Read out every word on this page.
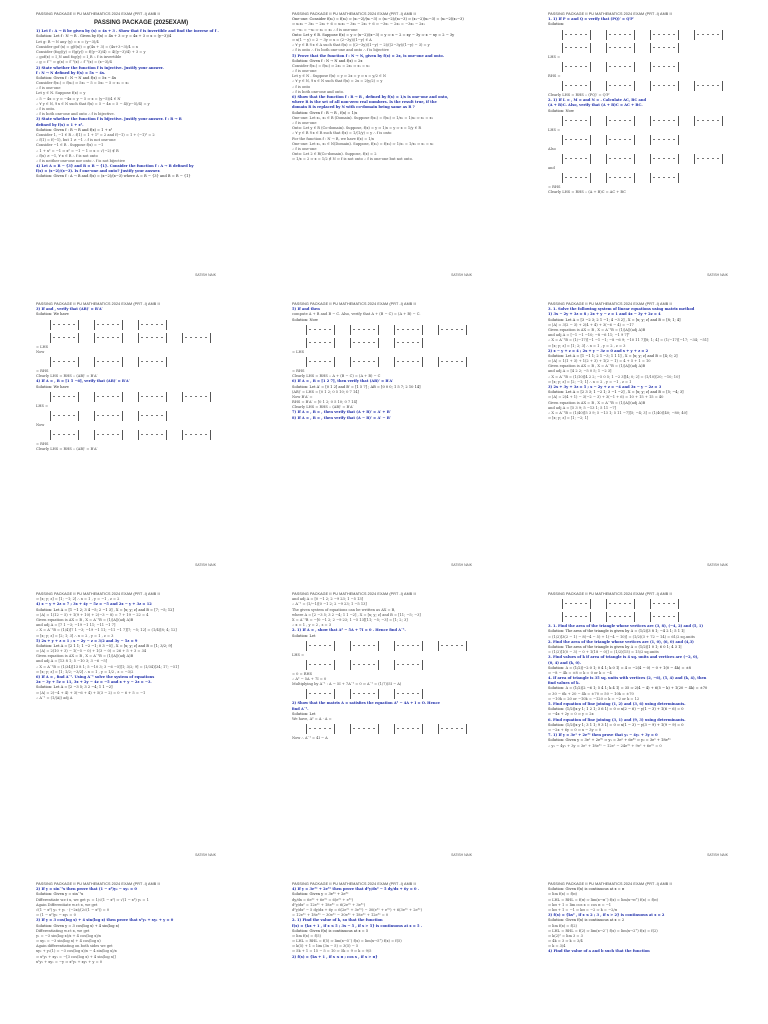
PASSING PACKAGE II PU MATHEMATICS 2024 EXAM (PRT -I) AMB II
PASSING PACKAGE (2025EXAM)
1) Let f : A → B be given by (x) = 4x + 3 . Show that f is invertible and find the inverse of f .
Solution: Let f : N → R . Given by f(x) = 4x + 3 ⇒ y = 4x + 3 ⇒ x = (y−3)/4
Let g: R → N any (y) = x = (y−3)/4
Consider gof (x) = g(f(x)) = g(4x + 3) = (4x+3−3)/4 = x
Consider (fog)(y) = f(g(y)) = f((y−3)/4) = 4((y−3)/4) + 3 = y
∴ gof(x) = I_N and fog(y) = I_R ∴ f is invertible
∴ g = f⁻¹ ⇒ g(x) = f⁻¹(x) ∴ f⁻¹(x) = (x−3)/4
2) State whether the function f is injective. Justify your answer.
f : N → N defined by f(x) = 5x − 4x.
Solution: Given f : N → N and f(x) = 5x − 4x
Consider f(x₁) = f(x₂) ⇒ 5x₁ − 5 = 5x₂ − 5 ⇒ x₁ = x₂
∴ f is one-one
Let y ∈ N. Suppose f(x) = y
∴ 5 − 4x = y ⇒ −4x = y − 5 ⇒ x = (y−5)/4 ∈ N
∴ ∀ y ∈ N, ∃ x ∈ N such that f(x) = 5 − 4x = 5 − 4((y−5)/4) = y
∴ f is onto.
∴ f is both one-one and onto ∴ f is bijective.
3) State whether the function f is bijective. Justify your answer. f : R → R
defined by f(x) = 1 + x².
Solution: Given f : R → R and f(x) = 1 + x²
Consider 1, −1 ∈ R ∴ f(1) = 1 + 1² = 2 and f(−1) = 1 + (−1)² = 2
∴ f(1) = f(−1), but 1 ≠ −1 ∴ f is not one-one
Consider −1 ∈ R . Suppose f(x) = −1
∴ 1 + x² = −1 ⇒ x² = −1 − 1 ⇒ x = √(−2) ∉ R
∴ f(x) ≠ −1, ∀ x ∈ R ∴ f is not onto
∴ f is neither one-one nor onto ∴ f is not bijective
4) Let A = R − {3} and B = R − {1}. Consider the function f : A → B defined by
f(x) = (x−2)/(x−3). Is f one-one and onto? Justify your answer.
Solution: Given f : A → B and f(x) = (x−2)/(x−3) where A = R − {3} and B = R − {1}
SATISH NAIK
PASSING PACKAGE II PU MATHEMATICS 2024 EXAM (PRT -I) AMB II
One-one: Consider f(x₁) = f(x₂) ⇒ (x₁−2)/(x₁−3) = (x₂−2)/(x₂−3) ⇒ (x₁−2)(x₂−3) = (x₂−2)(x₁−3)
⇒ x₁x₂ − 3x₁ − 2x₂ + 6 = x₁x₂ − 3x₂ − 2x₁ + 6 ⇒ −3x₁ − 2x₂ = −3x₂ − 2x₁
⇒ −x₁ = −x₂ ⇒ x₁ = x₂ ∴ f is one-one
Onto: Let y ∈ B. Suppose f(x) = y ⇒ (x−2)/(x−3) = y ⇒ x − 2 = xy − 3y ⇒ x − xy = 2 − 3y
⇒ x(1 − y) = 2 − 3y ⇒ x = (2−3y)/(1−y) ∈ A
∴ ∀ y ∈ B ∃ x ∈ A such that f(x) = ((2−3y)/(1−y) − 2)/((2−3y)/(1−y) − 3) = y
∴ f is onto ∴ f is both one-one and onto ∴ f is bijective
5) Prove that the function f : N → N, given by f(x) = 2x, is one-one and onto.
Solution: Given f : N → N and f(x) = 2x
Consider f(x₁) = f(x₂) ⇒ 2x₁ = 2x₂ ⇒ x₁ = x₂
∴ f is one-one
Let y ∈ N . Suppose f(x) = y ⇒ 2x = y ⇒ x = y/2 ∈ N
∴ ∀ y ∈ N, ∃ x ∈ N such that f(x) = 2x = 2(y/2) = y
∴ f is onto
∴ f is both one-one and onto.
6) Show that the function f : R → R , defined by f(x) = 1/x is one-one and onto,
where R is the set of all non-zero real numbers. Is the result true, if the
domain R is replaced by N with co-domain being same as R ?
Solution: Given f : R → R , f(x) = 1/x
One-one: Let x₁, x₂ ∈ R (Domain). Suppose f(x₁) = f(x₂) ⇒ 1/x₁ = 1/x₂ ⇒ x₁ = x₂
∴ f is one-one
Onto: Let y ∈ R (Co-domain). Suppose, f(x) = y ⇒ 1/x = y ⇒ x = 1/y ∈ R
∴ ∀ y ∈ R ∃ x ∈ R such that f(x) = 1/(1/y) = y ∴ f is onto
For the function f : N → R, we have f(x) = 1/x
One-one: Let x₁, x₂ ∈ N(Domain). Suppose, f(x₁) = f(x₂) ⇒ 1/x₁ = 1/x₂ ⇒ x₁ = x₂
∴ f is one-one
Onto: Let 2 ∈ R(Co-domain). Suppose, f(x) = 2
⇒ 1/x = 2 ⇒ x = 1/2 ∉ N ⇒ f is not onto ∴ f is one-one but not onto.
SATISH NAIK
PASSING PACKAGE II PU MATHEMATICS 2024 EXAM (PRT -I) AMB II
1. 1) If P = and Q = verify that (PQ)′ = Q′P′
Solution:
LHS =
RHS =
Clearly LHS = RHS ∴ (PQ)′ = Q′P′
2. 1) If L = , M = and N = . Calculate AC, BC and
(A + B)C. Also, verify that (A + B)C = AC + BC.
Solution: Now
LHS =
Also
and
= RHS
Clearly LHS = RHS ∴ (A + B)C = AC + BC
SATISH NAIK
PASSING PACKAGE II PU MATHEMATICS 2024 EXAM (PRT -I) AMB II
3) If and , verify that (AB)′ = B′A′
Solution: We have
= LHS
Now
= RHS
Clearly LHS = RHS ∴ (AB)′ = B′A′
4) If A = , B = [1 5 −6], verify that (AB)′ = B′A′
Solution: We have
LHS =
Now
= RHS
Clearly LHS = RHS ∴ (AB)′ = B′A′
SATISH NAIK
PASSING PACKAGE II PU MATHEMATICS 2024 EXAM (PRT -I) AMB II
5) If and then
compute A + B and B − C. Also, verify that A + (B − C) = (A + B) − C.
Solution: Now
= LHS
= RHS
Clearly LHS = RHS ∴ A + (B − C) = (A + B) − C
6) If A = , B = [1 2 7], then verify that (AB)′ = B′A′
Solution: Let A′ = [0 1 2] and B′ = [1 5 7] ; AB = [0 0 0; 1 5 7; 2 10 14]
(AB)′ = LHS = [0 1 2; 0 5 10; 0 7 14]
Now B′A′ =
RHS = B′A′ = [0 1 2; 0 5 10; 0 7 14]
Clearly LHS = RHS ∴ (AB)′ = B′A′
7) If A = , B = , then verify that (A + B)′ = A′ + B′
8) If A = , B = , then verify that (A − B)′ = A′ − B′
SATISH NAIK
PASSING PACKAGE II PU MATHEMATICS 2024 EXAM (PRT -I) AMB II
3. 1. Solve the following system of linear equations using matrix method
1) 3x − 2y + 3z = 8 ; 2x + y − z = 1 and 4x − 3y + 2z = 4
Solution: Let A = [3 −2 3; 2 1 −1; 4 −3 2] , X = [x; y; z] and B = [8; 1; 4]
⇒ |A| = 3(2 − 3) + 2(4 + 4) + 3(−6 − 4) = −17
Given equation is AX = B , X = A⁻¹B = (1/|A|)(adj A)B
and adj A = [−1 −1 −10; −8 −6 11; −1 9 7]ᵀ
∴ X = A⁻¹B = (1/−17)[−1 −1 −1; −8 −6 9; −10 11 7][8; 1; 4] = (1/−17)[−17; −34; −51]
⇒ [x; y; z] = [1; 2; 3] ∴ x = 1 , y = 2 , z = 3
2) x − y + z = 4 ; 2x + y − 3z = 0 and x + y + z = 2
Solution: Let A = [1 −1 1; 2 1 −3; 1 1 1] , X = [x; y; z] and B = [4; 0; 2]
⇒ |A| = 1(1 + 3) + 1(2 + 3) + 1(2 − 1) = 4 + 5 + 1 = 10
Given equation is AX = B , X = A⁻¹B = (1/|A|)(adj A)B
and adj A = [4 2 2; −5 0 5; 1 −2 3]
∴ X = A⁻¹B = (1/10)[4 2 2; −5 0 5; 1 −2 3][4; 0; 2] = (1/10)[20; −10; 10]
⇒ [x; y; z] = [2; −1; 1] ∴ x = 2 , y = −1 , z = 1
3) 2x + 3y + 3z = 5 ; x − 2y + z = −4 and 3x − y − 2z = 3
Solution: Let A = [2 3 3; 1 −2 1; 3 −1 −2] , X = [x; y; z] and B = [5; −4; 3]
⇒ |A| = 2(4 + 1) − 3(−2 − 3) + 3(−1 + 6) = 10 + 15 + 15 = 40
Given equation is AX = B , X = A⁻¹B = (1/|A|)(adj A)B
and adj A = [5 3 9; 5 −13 1; 5 11 −7]
∴ X = A⁻¹B = (1/40)[5 3 9; 5 −13 1; 5 11 −7][5; −4; 3] = (1/40)[40; −80; 40]
⇒ [x; y; z] = [1; −2; 1]
SATISH NAIK
PASSING PACKAGE II PU MATHEMATICS 2024 EXAM (PRT -I) AMB II
⇒ [x; y; z] = [1; −1; 2] ∴ x = 1 , y = −1 , z = 2
4) x − y + 2z = 7 ; 3x + 4y − 5z = −5 and 2x − y + 3z = 12
Solution: Let A = [1 −1 2; 3 4 −5; 2 −1 3] , X = [x; y; z] and B = [7; −5; 12]
⇒ |A| = 1(12 − 5) + 1(9 + 10) + 2(−3 − 8) = 7 + 19 − 22 = 4
Given equation is AX = B , X = A⁻¹B = (1/|A|)(adj A)B
and adj A = [7 1 −3; −19 −1 11; −11 −1 7]
∴ X = A⁻¹B = (1/4)[7 1 −3; −19 −1 11; −11 −1 7][7; −5; 12] = (1/4)[8; 4; 12]
⇒ [x; y; z] = [2; 1; 3] ∴ x = 2 , y = 1 , z = 3
5) 2x + y + z = 1 ; x − 2y − z = 3/2 and 3y − 5z = 9
Solution: Let A = [2 1 1; 1 −2 −1; 0 3 −5] , X = [x; y; z] and B = [1; 3/2; 9]
⇒ |A| = 2(10 + 3) − 1(−5 − 0) + 1(3 − 0) = 26 + 5 + 3 = 34
Given equation is AX = B , X = A⁻¹B = (1/|A|)(adj A)B
and adj A = [13 8 1; 5 −10 3; 3 −6 −5]
∴ X = A⁻¹B = (1/34)[13 8 1; 5 −10 3; 3 −6 −5][1; 3/2; 9] = (1/34)[34; 17; −51]
⇒ [x; y; z] = [1; 1/2; −3/2] ∴ x = 1 , y = 1/2 , z = −3/2
6) If A = , find A⁻¹. Using A⁻¹ solve the system of equations
2x − 3y + 5z = 11, 3x + 2y − 4z = −5 and x + y − 2z = −3.
Solution: Let A = [2 −3 5; 3 2 −4; 1 1 −2]
⇒ |A| = 2(−4 + 4) + 3(−6 + 4) + 5(3 − 2) = 0 − 6 + 5 = −1
∴ A⁻¹ = (1/|A|) adj A
SATISH NAIK
PASSING PACKAGE II PU MATHEMATICS 2024 EXAM (PRT -I) AMB II
and adj A = [0 −1 2; 2 −9 23; 1 −5 13]
∴ A⁻¹ = (1/−1)[0 −1 2; 2 −9 23; 1 −5 13]
The given system of equations can be written as AX = B,
where A = [2 −3 5; 3 2 −4; 1 1 −2] , X = [x; y; z] and B = [11; −5; −3]
X = A⁻¹B = −[0 −1 2; 2 −9 23; 1 −5 13][11; −5; −3] = [1; 2; 3]
∴ x = 1 , y = 2 , z = 3
2. 1) If A = , show that A² − 5A + 7I = 0 . Hence find A⁻¹.
Solution: Let
LHS =
= 0 = RHS
∴ A² − 5A + 7I = 0
Multiplying by A⁻¹ : A − 5I + 7A⁻¹ = 0 ⇒ A⁻¹ = (1/7)(5I − A)
2) Show that the matrix A = satisfies the equation A² − 4A + I = O. Hence
find A⁻¹.
Solution: Let
We have, A² = A · A =
Now ∴ A⁻¹ = 4I − A
SATISH NAIK
PASSING PACKAGE II PU MATHEMATICS 2024 EXAM (PRT -I) AMB II
3. 1. Find the area of the triangle whose vertices are (3, 8), (−4, 2) and (5, 1)
Solution: The area of the triangle is given by Δ = (1/2)|3 8 1; −4 2 1; 5 1 1|
= (1/2)[3(2 − 1) − 8(−4 − 5) + 1(−4 − 10)] = (1/2)(3 + 72 − 14) = 61/2 sq.units
2. Find the area of the triangle whose vertices are (1, 0), (6, 0) and (4,3)
Solution: The area of the triangle is given by Δ = (1/2)|1 0 1; 6 0 1; 4 3 1|
= (1/2)[1(0 − 3) − 0 + 1(18 − 0)] = (1/2)(15) = 15/2 sq.units
3. Find values of k if area of triangle is 4 sq. units and vertices are (−2, 0),
(0, 4) and (k, 0).
Solution: Δ = (1/2)|−2 0 1; 0 4 1; k 0 1| = 4 ⇒ −2(4 − 0) − 0 + 1(0 − 4k) = ±8
⇒ −8 − 4k = ±8 ⇒ k = 0 or k = −4
4. If area of triangle is 35 sq. units with vertices (2, −6), (5, 4) and (k, 4), then
find values of k.
Solution: Δ = (1/2)|2 −6 1; 5 4 1; k 4 1| = 35 ⇒ 2(4 − 4) + 6(5 − k) + 1(20 − 4k) = ±70
⇒ 30 − 6k + 20 − 4k = ±70 ⇒ 50 − 10k = ±70
⇒ −10k = 20 or −10k = −120 ⇒ k = −2 or k = 12
5. Find equation of line joining (1, 2) and (3, 6) using determinants.
Solution: (1/2)|x y 1; 1 2 1; 3 6 1| = 0 ⇒ x(2 − 6) − y(1 − 3) + 1(6 − 6) = 0
⇒ −4x + 2y = 0 ⇒ y = 2x
6. Find equation of line joining (3, 1) and (9, 3) using determinants.
Solution: (1/2)|x y 1; 3 1 1; 9 3 1| = 0 ⇒ x(1 − 3) − y(3 − 9) + 1(9 − 9) = 0
⇒ −2x + 6y = 0 ⇒ x − 3y = 0
7. 1) If y = 3eˣ + 2e³ˣ then prove that y₂ − 4y₁ + 3y = 0
Solution: Given y = 3eˣ + 2e³ˣ ⇒ y₁ = 3eˣ + 6e³ˣ ⇒ y₂ = 3eˣ + 18e³ˣ
∴ y₂ − 4y₁ + 3y = 3eˣ + 18e³ˣ − 12eˣ − 24e³ˣ + 9eˣ + 6e³ˣ = 0
SATISH NAIK
PASSING PACKAGE II PU MATHEMATICS 2024 EXAM (PRT -I) AMB II
2) If y = sin⁻¹x then prove that (1 − x²)y₂ − xy₁ = 0
Solution: Given y = sin⁻¹x
Differentiate w.r.t x, we get y₁ = 1/√(1 − x²) ⇒ √(1 − x²) y₁ = 1
Again Differentiate w.r.t x, we get
√(1 − x²) y₂ + y₁ · (−2x)/(2√(1 − x²)) = 0
⇒ (1 − x²)y₂ − xy₁ = 0
3) If y = 3 cos(log x) + 4 sin(log x) then prove that x²y₂ + xy₁ + y = 0
Solution: Given y = 3 cos(log x) + 4 sin(log x)
Differentiating w.r.t x, we get
y₁ = −3 sin(log x)/x + 4 cos(log x)/x
⇒ xy₁ = −3 sin(log x) + 4 cos(log x)
Again differentiating on both sides we get
xy₂ + y₁(1) = −3 cos(log x)/x − 4 sin(log x)/x
⇒ x²y₂ + xy₁ = −[3 cos(log x) + 4 sin(log x)]
x²y₂ + xy₁ = −y ⇒ x²y₂ + xy₁ + y = 0
PASSING PACKAGE II PU MATHEMATICS 2024 EXAM (PRT -I) AMB II
4) If y = 3e²ˣ + 2e³ˣ then prove that d²y/dx² − 5 dy/dx + 6y = 0 .
Solution: Given y = 3e²ˣ + 2e³ˣ
dy/dx = 6e²ˣ + 6e³ˣ = 6(e²ˣ + e³ˣ)
d²y/dx² = 12e²ˣ + 18e³ˣ = 6(2e²ˣ + 3e³ˣ)
d²y/dx² − 5 dy/dx + 6y = 6(2e²ˣ + 3e³ˣ) − 30(e²ˣ + e³ˣ) + 6(3e²ˣ + 2e³ˣ)
= 12e²ˣ + 18e³ˣ − 30e²ˣ − 30e³ˣ + 18e²ˣ + 12e³ˣ = 0
2. 1) Find the value of k, so that the function
f(x) = {kx + 1 , if x ≤ 5 ; 3x − 5 , if x > 5} is continuous at x = 5 .
Solution: Given f(x) is continuous at x = 5
⇒ lim f(x) = f(5)
⇒ LHL = RHL = f(5) ⇒ lim(x→5⁻) f(x) = lim(x→5⁺) f(x) = f(5)
⇒ k(5) + 1 = lim (3x − 5) = 3(5) − 5
⇒ 5k + 1 = 15 − 5 = 10 ⇒ 5k = 9 ⇒ k = 9/5
2) f(x) = {kx + 1 , if x ≤ π ; cos x , if x > π}
PASSING PACKAGE II PU MATHEMATICS 2024 EXAM (PRT -I) AMB II
Solution: Given f(x) is continuous at x = π
⇒ lim f(x) = f(π)
⇒ LHL = RHL = f(π) ⇒ lim(x→π⁻) f(x) = lim(x→π⁺) f(x) = f(π)
⇒ kπ + 1 = lim cos x = cos π = −1
⇒ kπ + 1 = −1 ⇒ kπ = −2 ⇒ k = −2/π
3) f(x) = {kx² , if x ≤ 2 ; 3 , if x > 2} is continuous at x = 2
Solution: Given f(x) is continuous at x = 2
⇒ lim f(x) = f(2)
⇒ LHL = RHL = f(2) ⇒ lim(x→2⁻) f(x) = lim(x→2⁺) f(x) = f(2)
⇒ k(2)² = lim 3 = 3
⇒ 4k = 3 ⇒ k = 3/4
⇒ k = 3/4
4) Find the value of a and b such that the function
